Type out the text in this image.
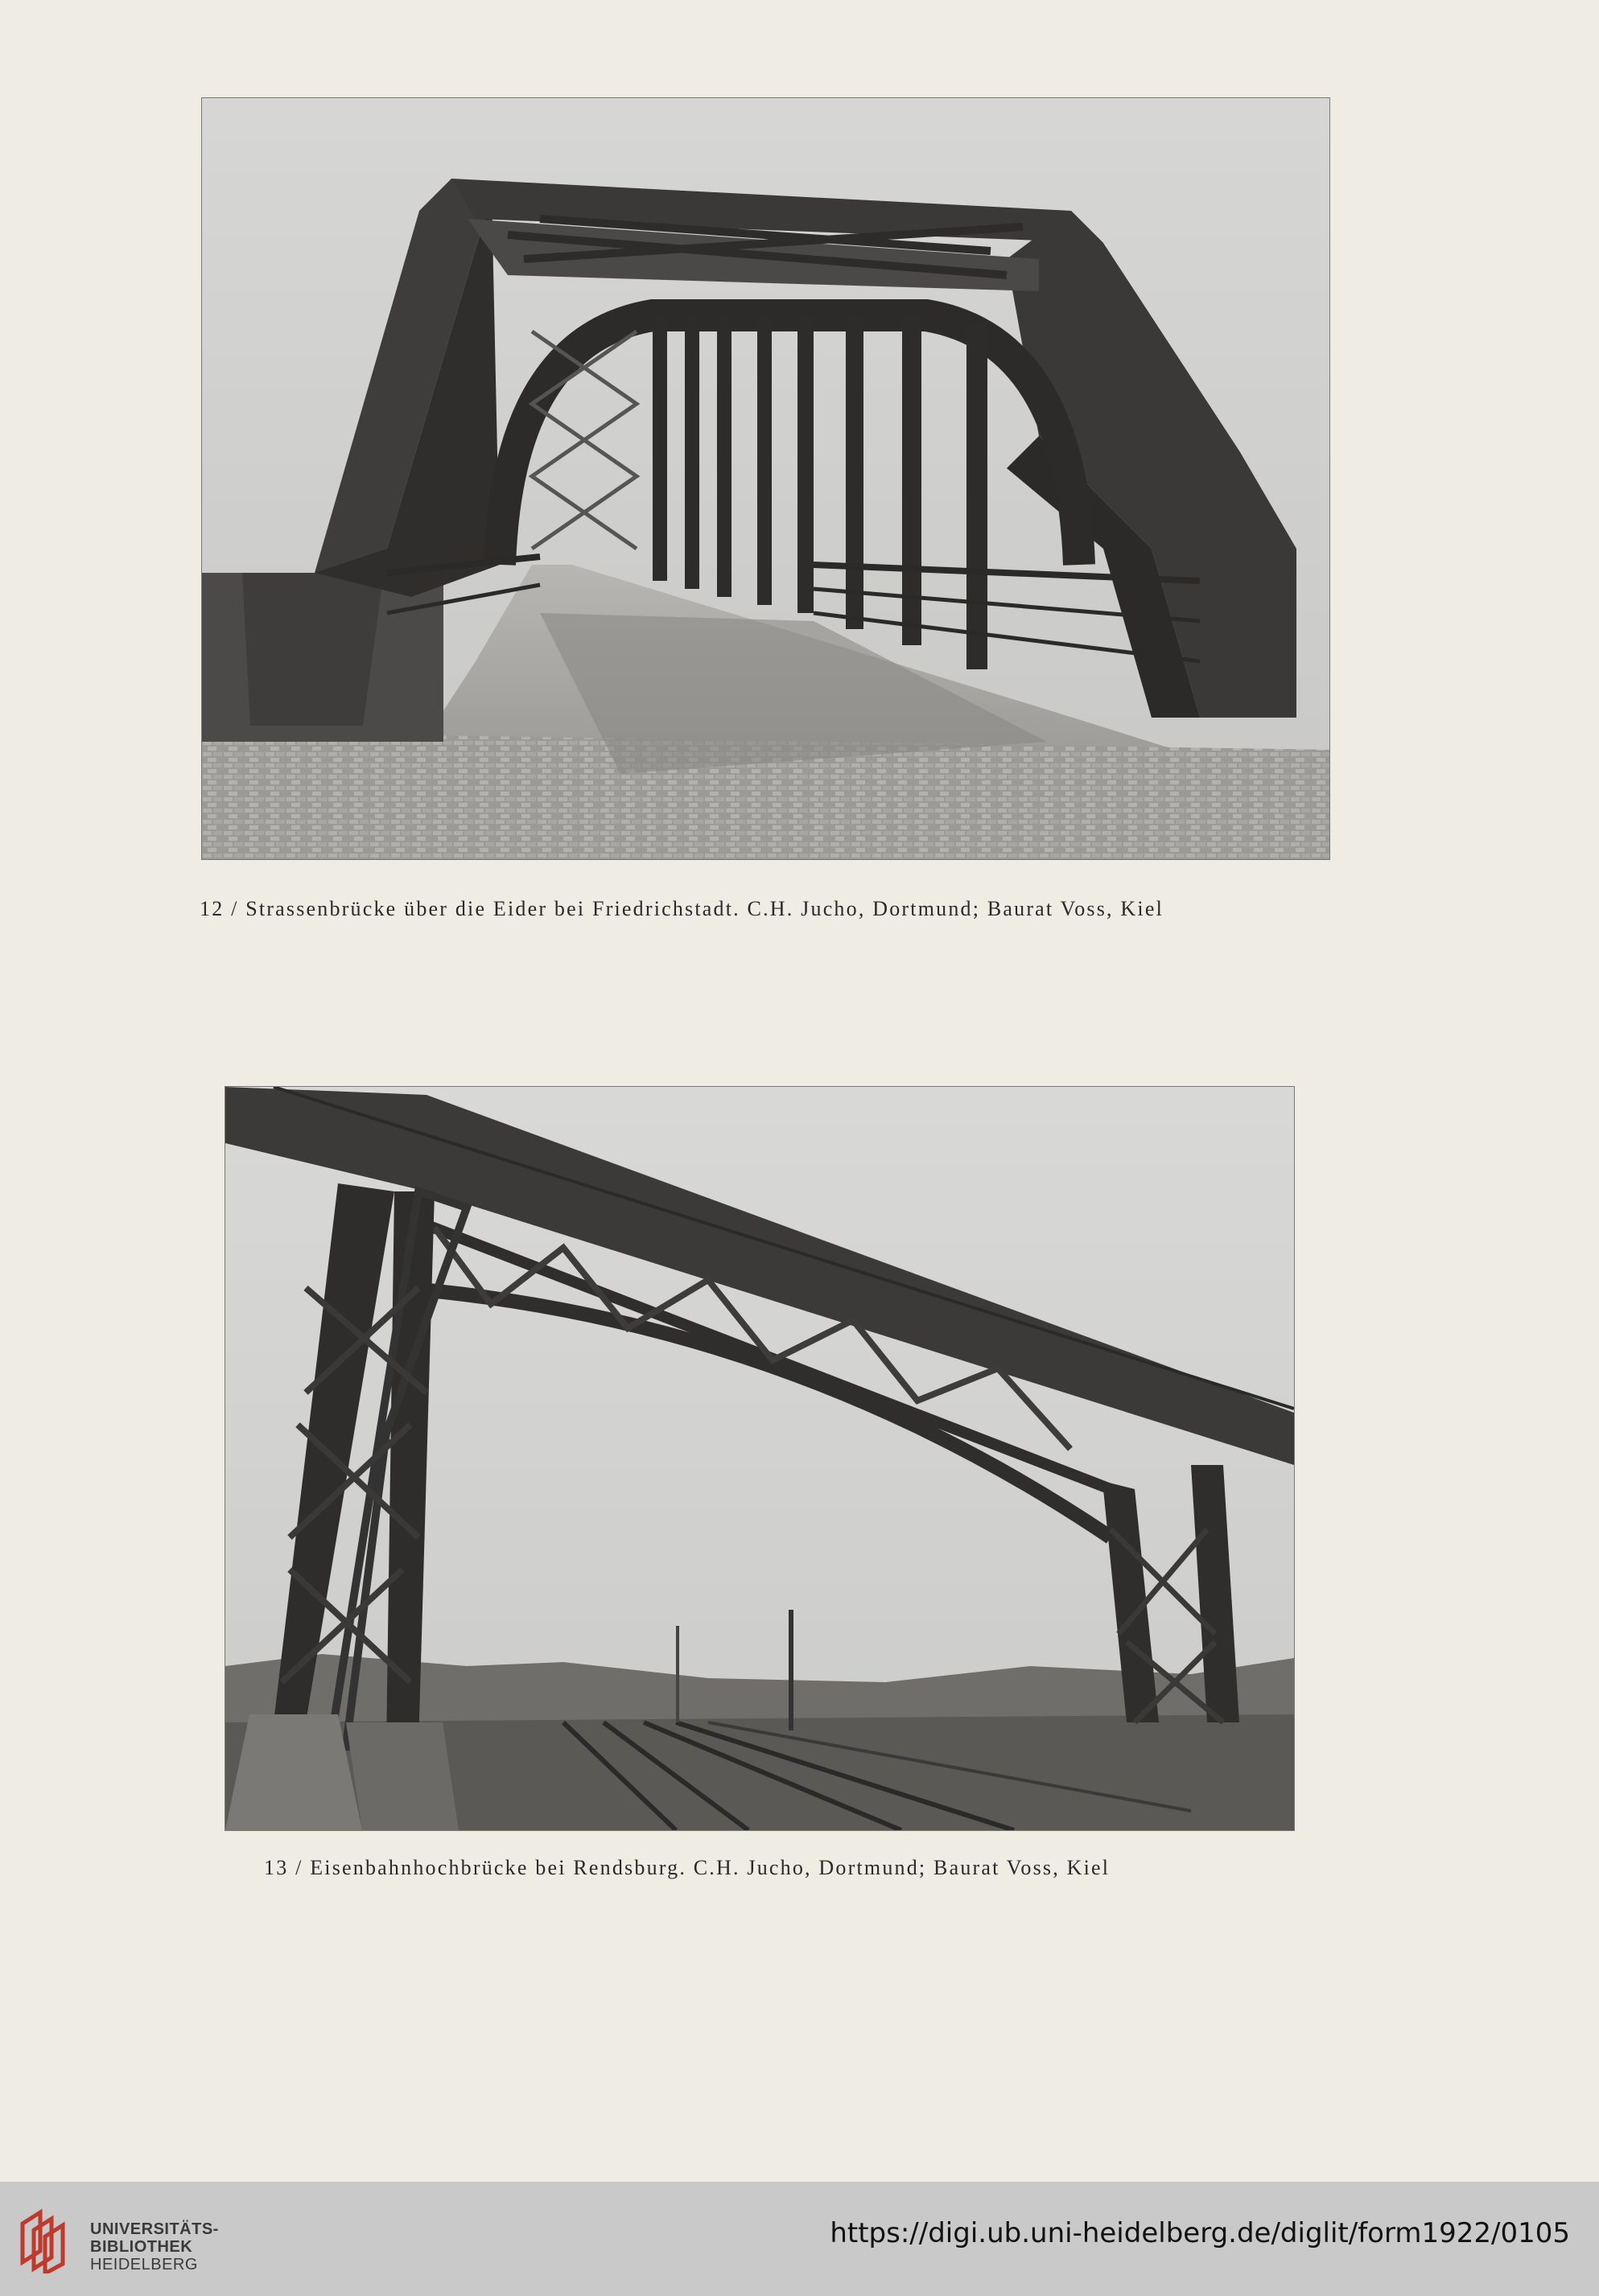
12 / Strassenbrücke über die Eider bei Friedrichstadt. C.H. Jucho, Dortmund; Baurat Voss, Kiel
13 / Eisenbahnhochbrücke bei Rendsburg. C.H. Jucho, Dortmund; Baurat Voss, Kiel
UNIVERSITÄTS-
BIBLIOTHEK
HEIDELBERG
https://digi.ub.uni-heidelberg.de/diglit/form1922/0105
